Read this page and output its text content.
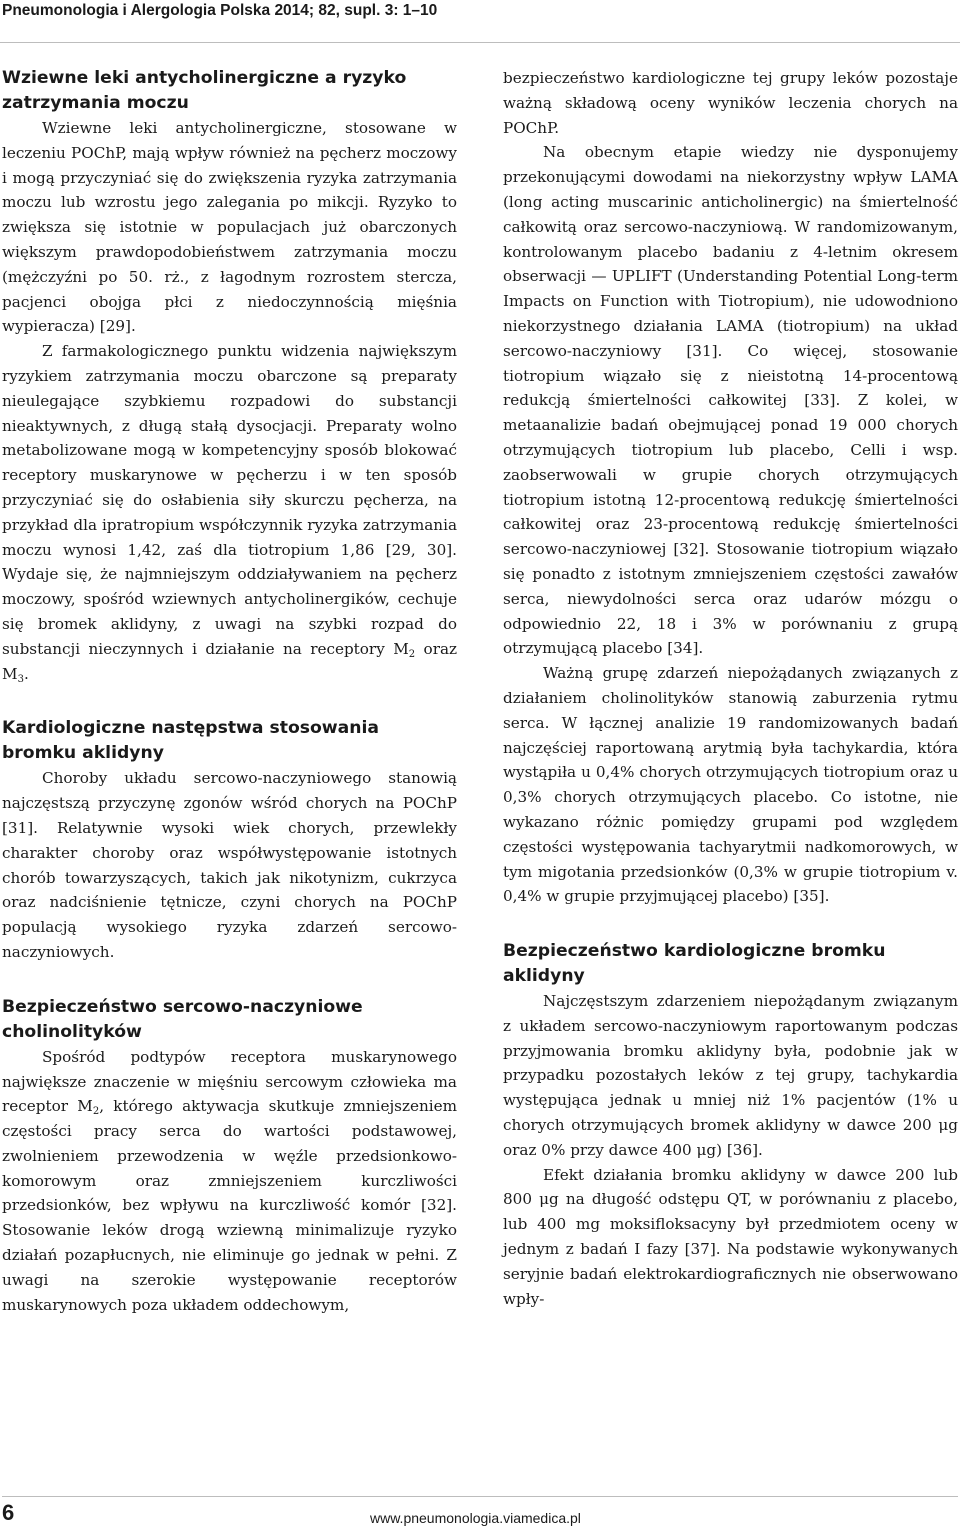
Pneumonologia i Alergologia Polska 2014; 82, supl. 3: 1–10
Wziewne leki antycholinergiczne a ryzyko zatrzymania moczu

Wziewne leki antycholinergiczne, stosowane w leczeniu POChP, mają wpływ również na pęcherz moczowy i mogą przyczyniać się do zwiększenia ryzyka zatrzymania moczu lub wzrostu jego zalegania po mikcji. Ryzyko to zwiększa się istotnie w populacjach już obarczonych większym prawdopodobieństwem zatrzymania moczu (mężczyźni po 50. rż., z łagodnym rozrostem stercza, pacjenci obojga płci z niedoczynnością mięśnia wypieracza) [29].

Z farmakologicznego punktu widzenia największym ryzykiem zatrzymania moczu obarczone są preparaty nieulegające szybkiemu rozpadowi do substancji nieaktywnych, z długą stałą dysocjacji. Preparaty wolno metabolizowane mogą w kompetencyjny sposób blokować receptory muskarynowe w pęcherzu i w ten sposób przyczyniać się do osłabienia siły skurczu pęcherza, na przykład dla ipratropium współczynnik ryzyka zatrzymania moczu wynosi 1,42, zaś dla tiotropium 1,86 [29, 30]. Wydaje się, że najmniejszym oddziaływaniem na pęcherz moczowy, spośród wziewnych antycholinergików, cechuje się bromek aklidyny, z uwagi na szybki rozpad do substancji nieczynnych i działanie na receptory $M_2$ oraz $M_3$.

Kardiologiczne następstwa stosowania bromku aklidyny

Choroby układu sercowo-naczyniowego stanowią najczęstszą przyczynę zgonów wśród chorych na POChP [31]. Relatywnie wysoki wiek chorych, przewlekły charakter choroby oraz współwystępowanie istotnych chorób towarzyszących, takich jak nikotynizm, cukrzyca oraz nadciśnienie tętnicze, czyni chorych na POChP populacją wysokiego ryzyka zdarzeń sercowo-naczyniowych.

Bezpieczeństwo sercowo-naczyniowe cholinolityków

Spośród podtypów receptora muskarynowego największe znaczenie w mięśniu sercowym człowieka ma receptor $M_2$, którego aktywacja skutkuje zmniejszeniem częstości pracy serca do wartości podstawowej, zwolnieniem przewodzenia w węźle przedsionkowo-komorowym oraz zmniejszeniem kurczliwości przedsionków, bez wpływu na kurczliwość komór [32]. Stosowanie leków drogą wziewną minimalizuje ryzyko działań pozapłucnych, nie eliminuje go jednak w pełni. Z uwagi na szerokie występowanie receptorów muskarynowych poza układem oddechowym,

bezpieczeństwo kardiologiczne tej grupy leków pozostaje ważną składową oceny wyników leczenia chorych na POChP.

Na obecnym etapie wiedzy nie dysponujemy przekonującymi dowodami na niekorzystny wpływ LAMA (long acting muscarinic anticholinergic) na śmiertelność całkowitą oraz sercowo-naczyniową. W randomizowanym, kontrolowanym placebo badaniu z 4-letnim okresem obserwacji — UPLIFT (Understanding Potential Long-term Impacts on Function with Tiotropium), nie udowodniono niekorzystnego działania LAMA (tiotropium) na układ sercowo-naczyniowy [31]. Co więcej, stosowanie tiotropium wiązało się z nieistotną 14-procentową redukcją śmiertelności całkowitej [33]. Z kolei, w metaanalizie badań obejmującej ponad 19 000 chorych otrzymujących tiotropium lub placebo, Celli i wsp. zaobserwowali w grupie chorych otrzymujących tiotropium istotną 12-procentową redukcję śmiertelności całkowitej oraz 23-procentową redukcję śmiertelności sercowo-naczyniowej [32]. Stosowanie tiotropium wiązało się ponadto z istotnym zmniejszeniem częstości zawałów serca, niewydolności serca oraz udarów mózgu o odpowiednio 22, 18 i 3% w porównaniu z grupą otrzymującą placebo [34].

Ważną grupę zdarzeń niepożądanych związanych z działaniem cholinolityków stanowią zaburzenia rytmu serca. W łącznej analizie 19 randomizowanych badań najczęściej raportowaną arytmią była tachykardia, która wystąpiła u 0,4% chorych otrzymujących tiotropium oraz u 0,3% chorych otrzymujących placebo. Co istotne, nie wykazano różnic pomiędzy grupami pod względem częstości występowania tachyarytmii nadkomorowych, w tym migotania przedsionków (0,3% w grupie tiotropium v. 0,4% w grupie przyjmującej placebo) [35].

Bezpieczeństwo kardiologiczne bromku aklidyny

Najczęstszym zdarzeniem niepożądanym związanym z układem sercowo-naczyniowym raportowanym podczas przyjmowania bromku aklidyny była, podobnie jak w przypadku pozostałych leków z tej grupy, tachykardia występująca jednak u mniej niż 1% pacjentów (1% u chorych otrzymujących bromek aklidyny w dawce 200 μg oraz 0% przy dawce 400 μg) [36].

Efekt działania bromku aklidyny w dawce 200 lub 800 μg na długość odstępu QT, w porównaniu z placebo, lub 400 mg moksifloksacyny był przedmiotem oceny w jednym z badań I fazy [37]. Na podstawie wykonywanych seryjnie badań elektrokardiograficznych nie obserwowano wpły-

6	www.pneumonologia.viamedica.pl
